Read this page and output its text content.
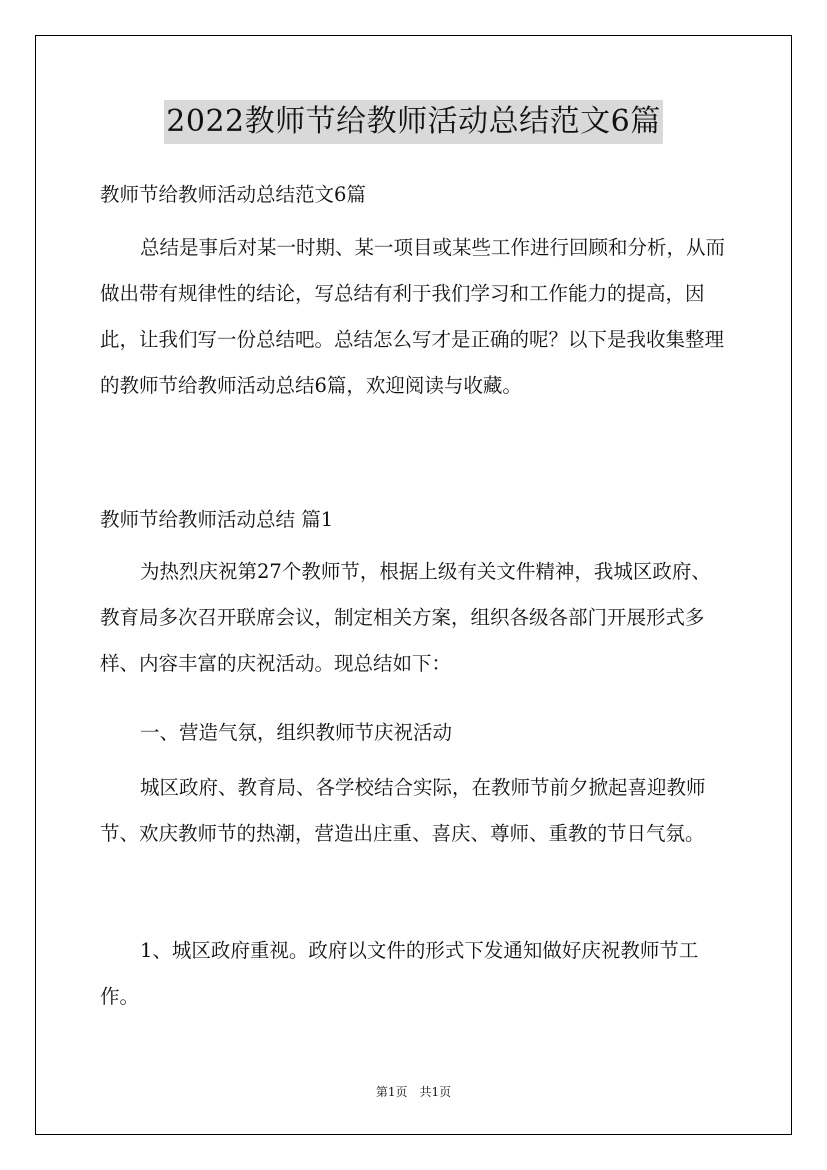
2022教师节给教师活动总结范文6篇

教师节给教师活动总结范文6篇

总结是事后对某一时期、某一项目或某些工作进行回顾和分析，从而做出带有规律性的结论，写总结有利于我们学习和工作能力的提高，因此，让我们写一份总结吧。总结怎么写才是正确的呢？以下是我收集整理的教师节给教师活动总结6篇，欢迎阅读与收藏。

教师节给教师活动总结 篇1

为热烈庆祝第27个教师节，根据上级有关文件精神，我城区政府、教育局多次召开联席会议，制定相关方案，组织各级各部门开展形式多样、内容丰富的庆祝活动。现总结如下：

一、营造气氛，组织教师节庆祝活动

城区政府、教育局、各学校结合实际，在教师节前夕掀起喜迎教师节、欢庆教师节的热潮，营造出庄重、喜庆、尊师、重教的节日气氛。

1、城区政府重视。政府以文件的形式下发通知做好庆祝教师节工作。

第1页　共1页
